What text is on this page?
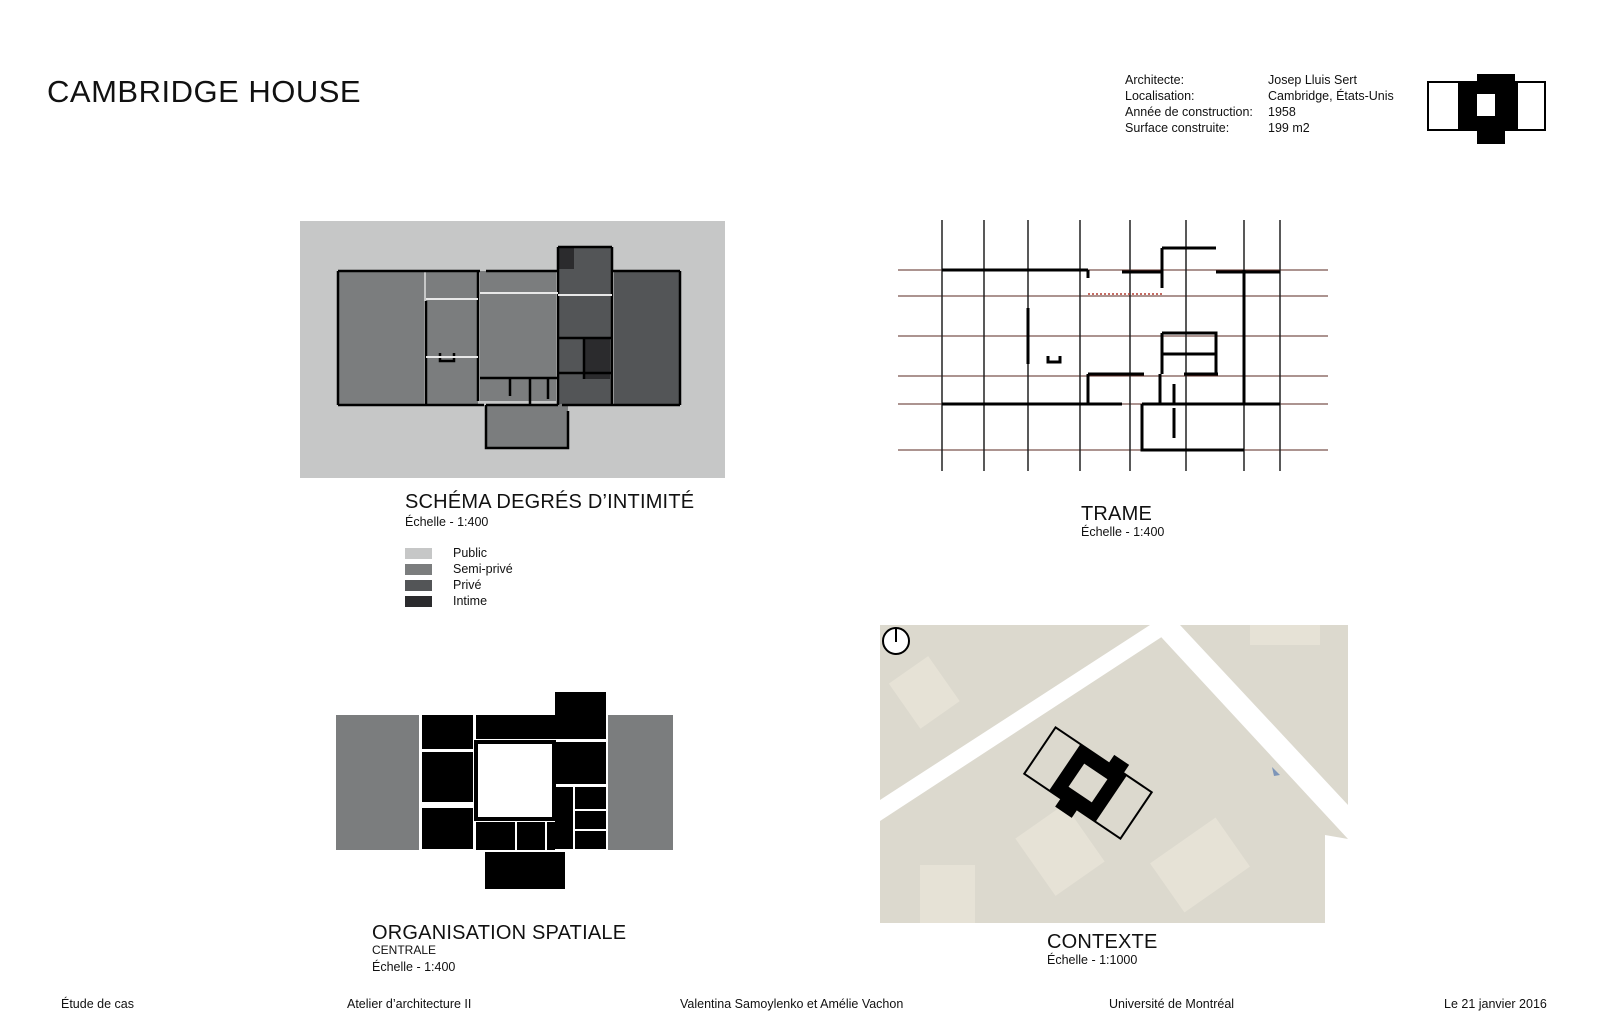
CAMBRIDGE HOUSE	Architecte:	Josep Lluis Sert
Localisation:	Cambridge, États-Unis
Année de construction:	1958
Surface construite:	199 m2
SCHÉMA DEGRÉS D’INTIMITÉ
Échelle - 1:400
Public
Semi-privé
Privé
Intime
TRAME
Échelle - 1:400
ORGANISATION SPATIALE
CENTRALE
Échelle - 1:400
CONTEXTE
Échelle - 1:1000
Étude de cas	Atelier d’architecture II	Valentina Samoylenko et Amélie Vachon	Université de Montréal	Le 21 janvier 2016
